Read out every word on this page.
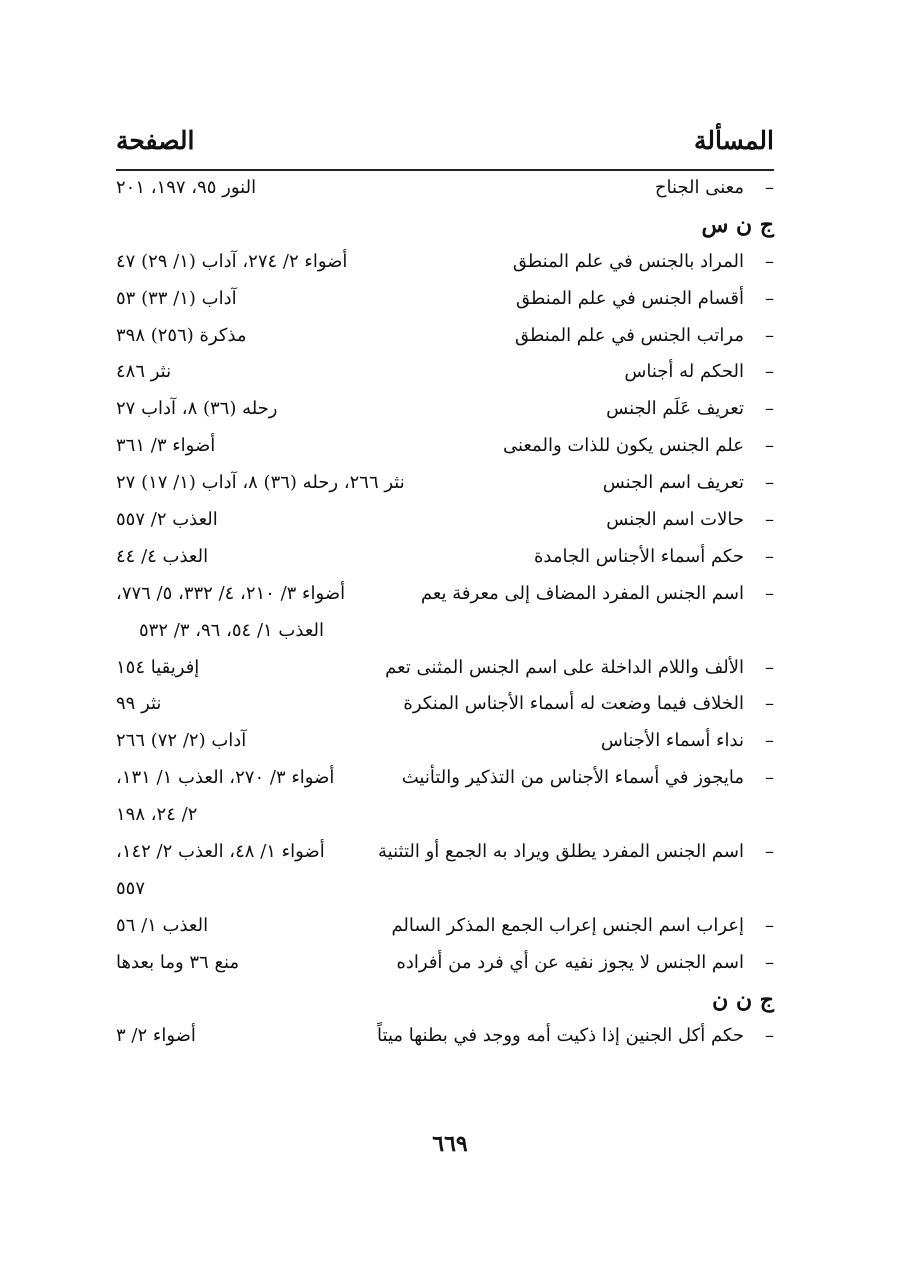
الصفحة	المسألة
النور ٩٥، ١٩٧، ٢٠١	معنى الجناح –
ج ن س
أضواء ٢/ ٢٧٤، آداب (١/ ٢٩) ٤٧	المراد بالجنس في علم المنطق –
آداب (١/ ٣٣) ٥٣	أقسام الجنس في علم المنطق –
مذكرة (٢٥٦) ٣٩٨	مراتب الجنس في علم المنطق –
نثر ٤٨٦	الحكم له أجناس –
رحله (٣٦) ٨، آداب ٢٧	تعريف عَلَم الجنس –
أضواء ٣/ ٣٦١	علم الجنس يكون للذات والمعنى –
نثر ٢٦٦، رحله (٣٦) ٨، آداب (١/ ١٧) ٢٧	تعريف اسم الجنس –
العذب ٢/ ٥٥٧	حالات اسم الجنس –
العذب ٤/ ٤٤	حكم أسماء الأجناس الجامدة –
أضواء ٣/ ٢١٠، ٤/ ٣٣٢، ٥/ ٧٧٦،	اسم الجنس المفرد المضاف إلى معرفة يعم –
العذب ١/ ٥٤، ٩٦، ٣/ ٥٣٢
إفريقيا ١٥٤	الألف واللام الداخلة على اسم الجنس المثنى تعم –
نثر ٩٩	الخلاف فيما وضعت له أسماء الأجناس المنكرة –
آداب (٢/ ٧٢) ٢٦٦	نداء أسماء الأجناس –
أضواء ٣/ ٢٧٠، العذب ١/ ١٣١،	مايجوز في أسماء الأجناس من التذكير والتأنيث –
٢/ ٢٤، ١٩٨
أضواء ١/ ٤٨، العذب ٢/ ١٤٢،	اسم الجنس المفرد يطلق ويراد به الجمع أو التثنية –
٥٥٧
العذب ١/ ٥٦	إعراب اسم الجنس إعراب الجمع المذكر السالم –
منع ٣٦ وما بعدها	اسم الجنس لا يجوز نفيه عن أي فرد من أفراده –
ج ن ن
أضواء ٢/ ٣	حكم أكل الجنين إذا ذكيت أمه ووجد في بطنها ميتاً –
٦٦٩
